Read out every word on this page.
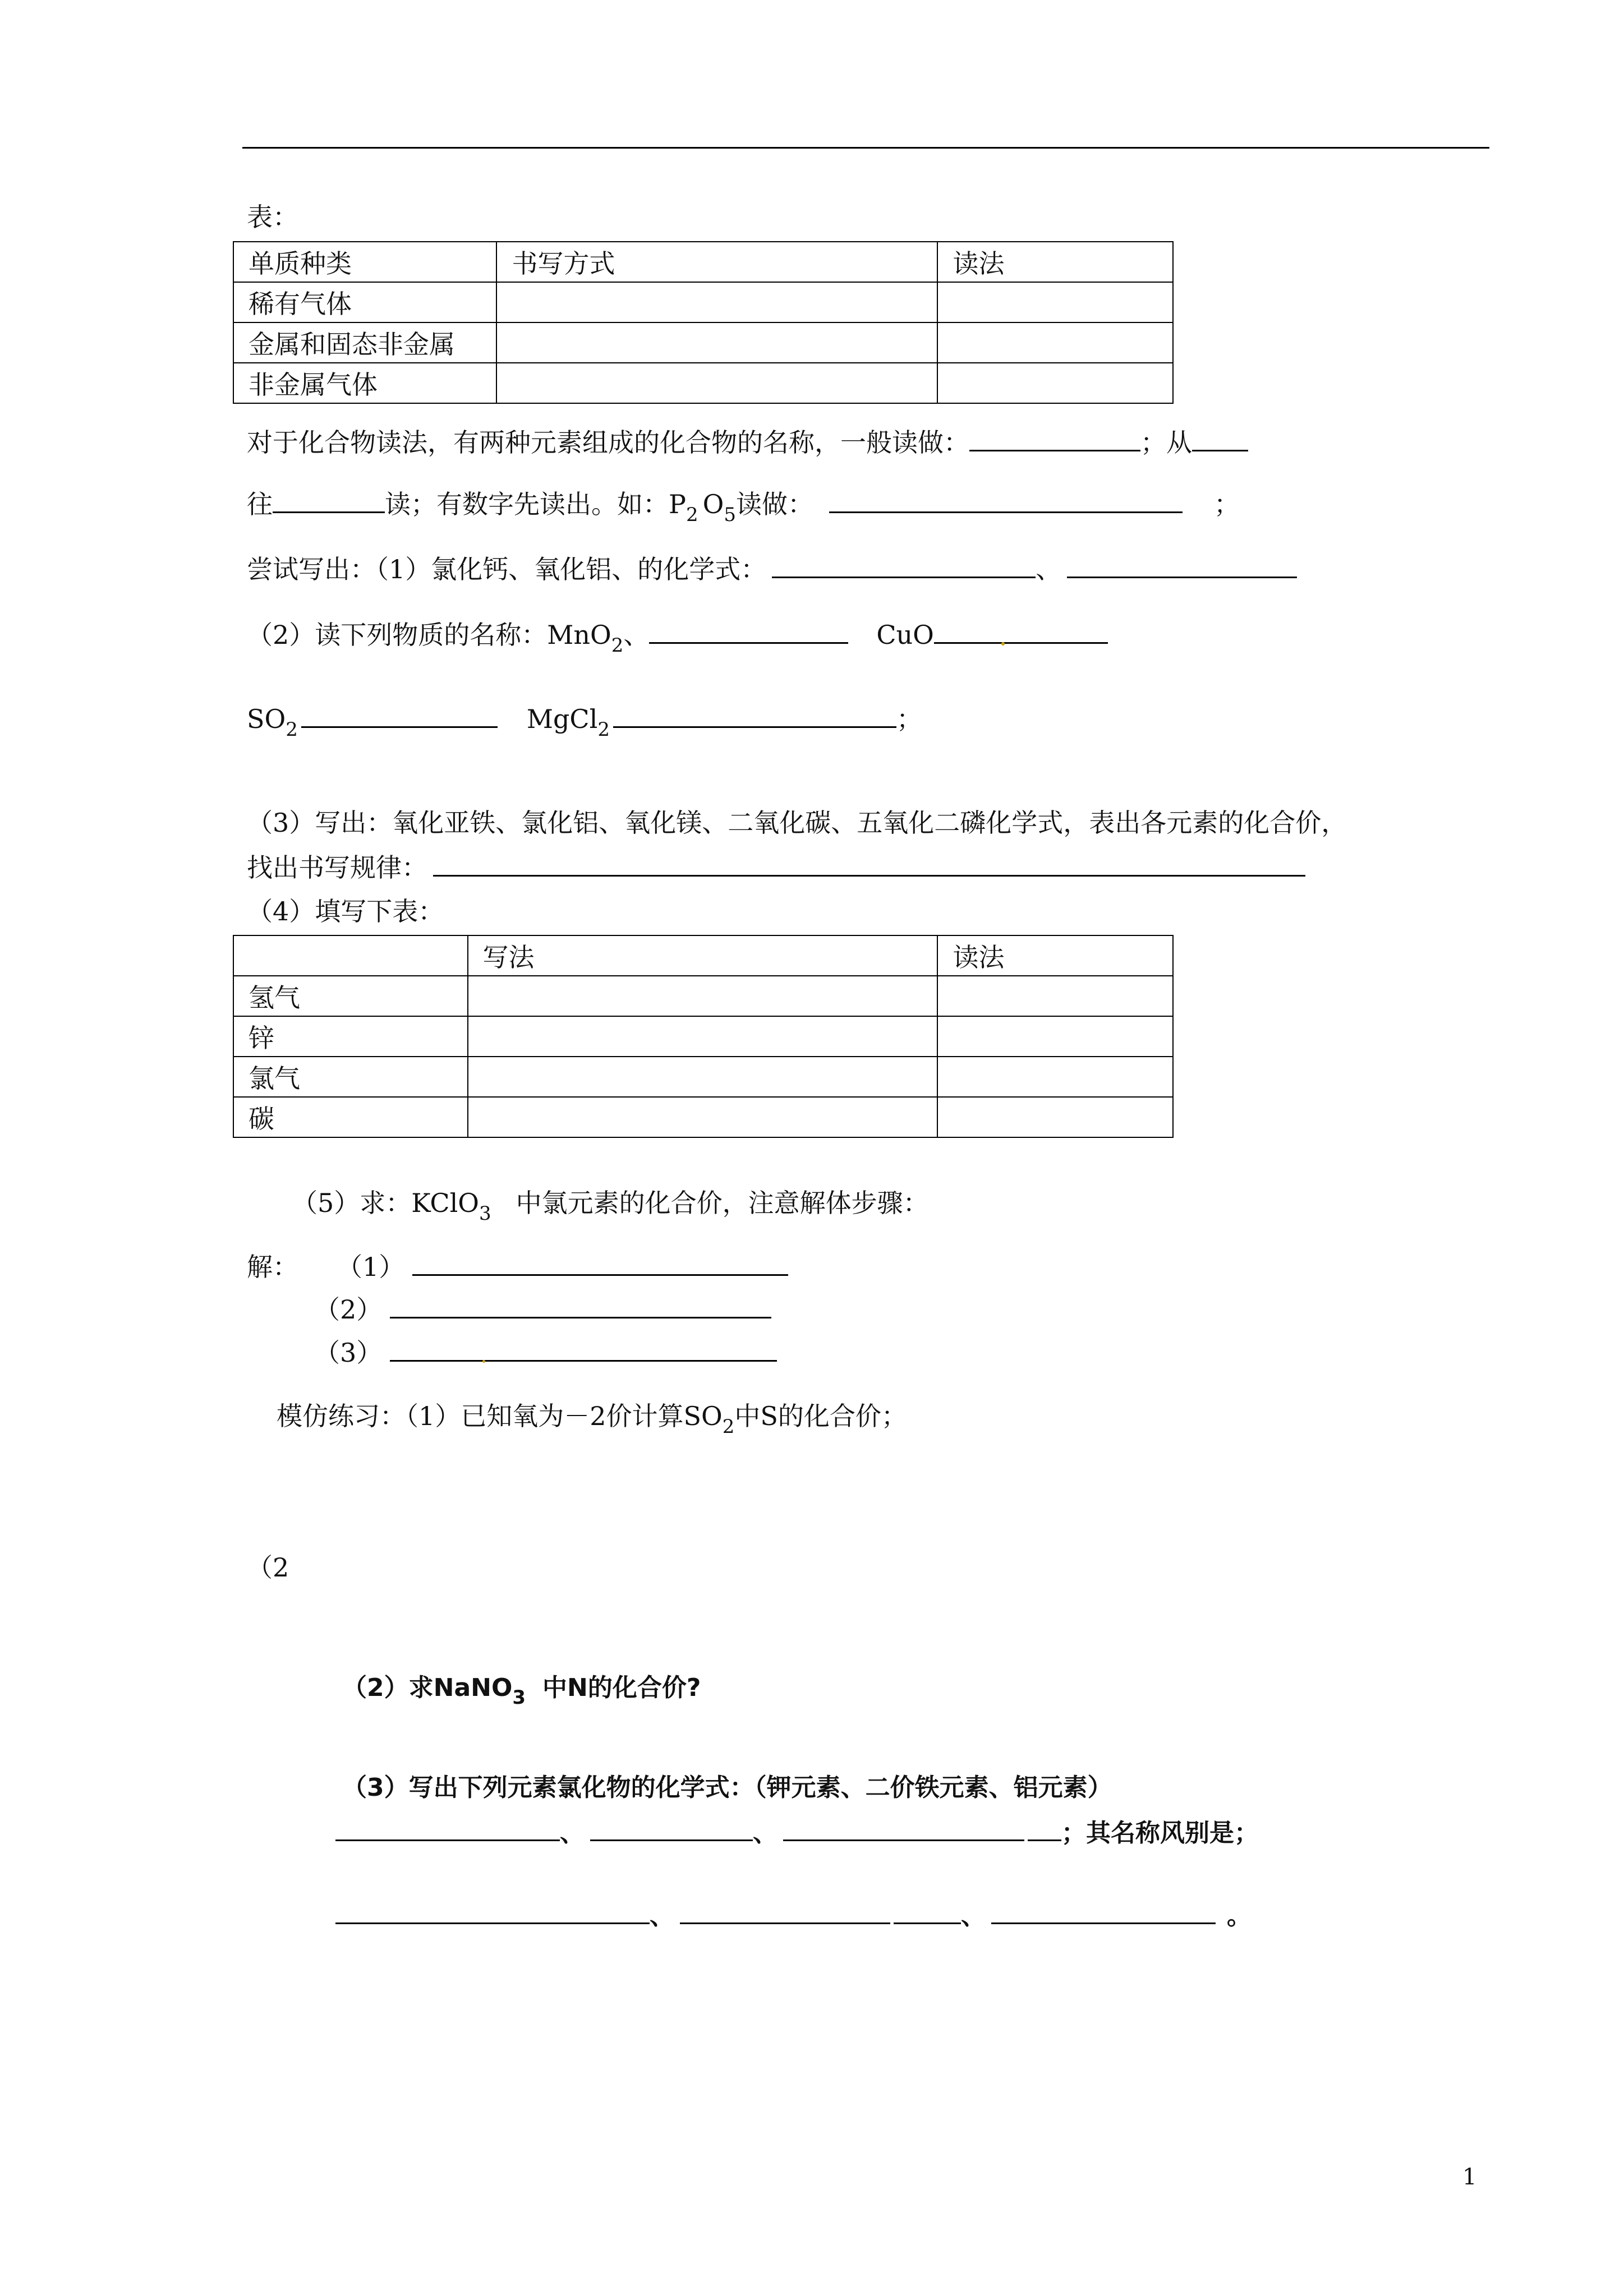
表：
单质种类	书写方式	读法
稀有气体		
金属和固态非金属		
非金属气体		
对于化合物读法，有两种元素组成的化合物的名称，一般读做：	；从
往	读；有数字先读出。如：$P_2$ $O_5$读做：	；
尝试写出：（1）氯化钙、氧化铝、的化学式：	、
（2）读下列物质的名称：MnO$_2$、	CuO
$SO_2$	MgCl$_2$	；
（3）写出：氧化亚铁、氯化铝、氧化镁、二氧化碳、五氧化二磷化学式，表出各元素的化合价，
找出书写规律：
（4）填写下表：
	写法	读法
氢气		
锌		
氯气		
碳		
（5）求：KClO$_3$ 中氯元素的化合价，注意解体步骤：
解： （1）
（2）
（3）
模仿练习：（1）已知氧为－2价计算$SO_2$中S的化合价；
（2
（2）求NaNO$_3$ 中N的化合价?
（3）写出下列元素氯化物的化学式：（钾元素、二价铁元素、铝元素）
、	、	；其名称风别是；
、	、	。
1
